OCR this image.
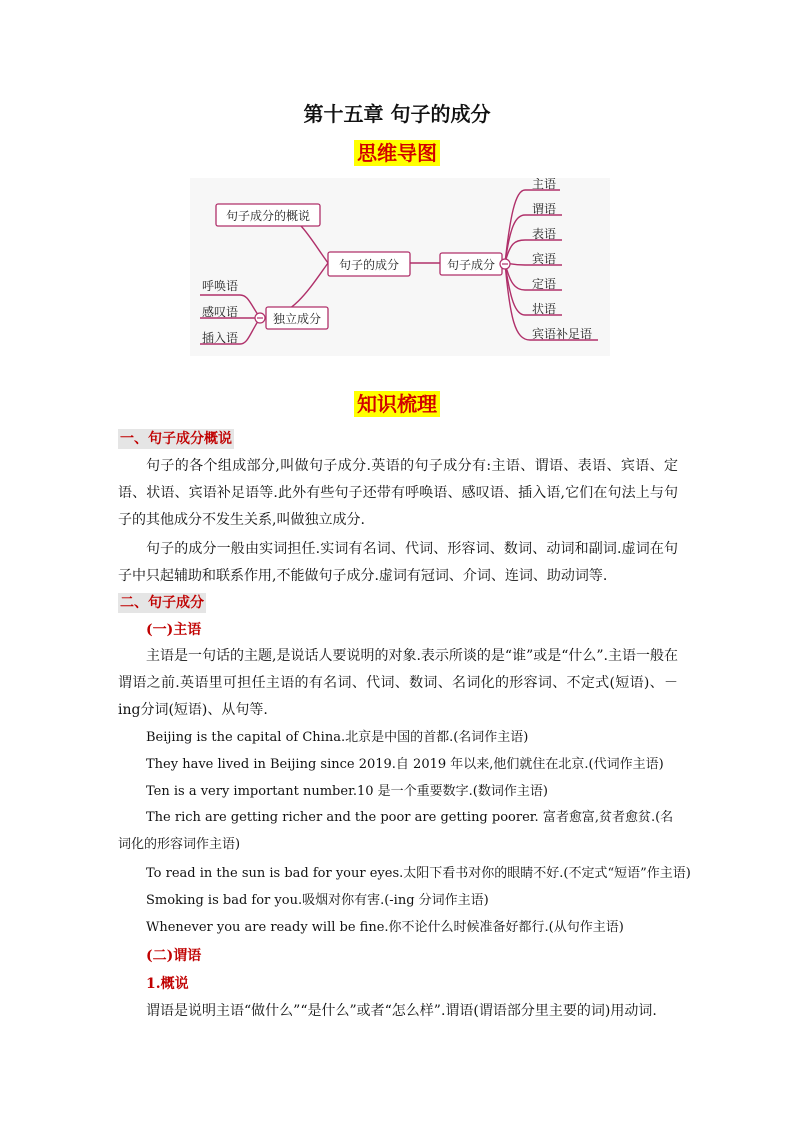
第十五章 句子的成分
思维导图
句子成分的概说
句子的成分	句子成分
独立成分
主语
谓语
表语
宾语
定语
状语
宾语补足语
呼唤语
感叹语
插入语
知识梳理
一、句子成分概说

句子的各个组成部分,叫做句子成分.英语的句子成分有:主语、谓语、表语、宾语、定语、状语、宾语补足语等.此外有些句子还带有呼唤语、感叹语、插入语,它们在句法上与句子的其他成分不发生关系,叫做独立成分.

句子的成分一般由实词担任.实词有名词、代词、形容词、数词、动词和副词.虚词在句子中只起辅助和联系作用,不能做句子成分.虚词有冠词、介词、连词、助动词等.

二、句子成分
(一)主语

主语是一句话的主题,是说话人要说明的对象.表示所谈的是“谁”或是“什么”.主语一般在谓语之前.英语里可担任主语的有名词、代词、数词、名词化的形容词、不定式(短语)、－ing分词(短语)、从句等.

Beijing is the capital of China.北京是中国的首都.(名词作主语)
They have lived in Beijing since 2019.自 2019 年以来,他们就住在北京.(代词作主语)
Ten is a very important number.10 是一个重要数字.(数词作主语)

The rich are getting richer and the poor are getting poorer. 富者愈富,贫者愈贫.(名词化的形容词作主语)

To read in the sun is bad for your eyes.太阳下看书对你的眼睛不好.(不定式“短语”作主语)
Smoking is bad for you.吸烟对你有害.(-ing 分词作主语)
Whenever you are ready will be fine.你不论什么时候准备好都行.(从句作主语)
(二)谓语
1.概说
谓语是说明主语“做什么”“是什么”或者“怎么样”.谓语(谓语部分里主要的词)用动词.
